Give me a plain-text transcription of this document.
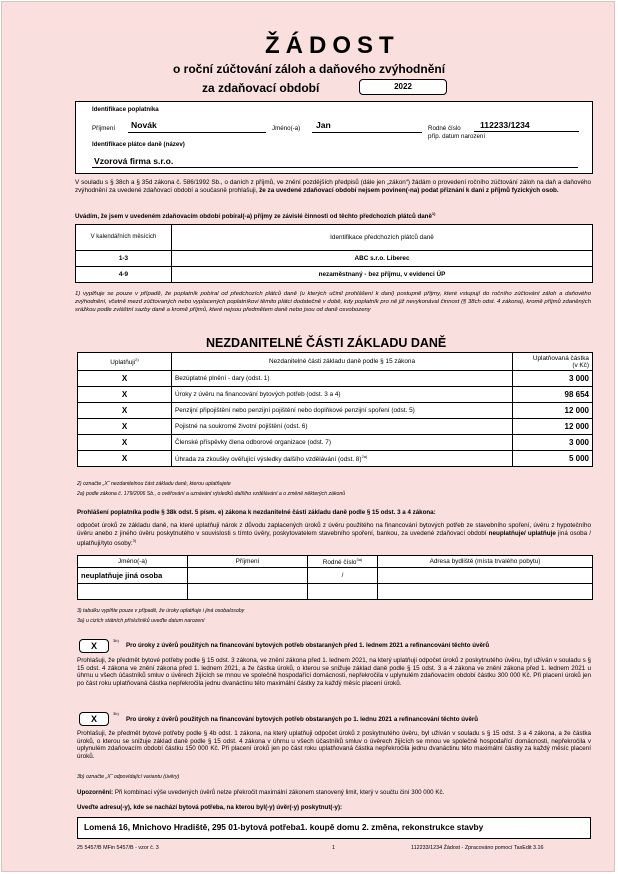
ŽÁDOST
o roční zúčtování záloh a daňového zvýhodnění
za zdaňovací období	2022
Identifikace poplatníka
Příjmení Novák	Jméno(-a) Jan	Rodné číslo 112233/1234
příp. datum narození
Identifikace plátce daně (název)
Vzorová firma s.r.o.
V souladu s § 38ch a § 35d zákona č. 586/1992 Sb., o daních z příjmů, ve znění pozdějších předpisů (dále jen „zákon“) žádám o provedení ročního zúčtování záloh na daň a daňového zvýhodnění za uvedené zdaňovací období a současně prohlašuji, že za uvedené zdaňovací období nejsem povinen(-na) podat přiznání k dani z příjmů fyzických osob.
Uvádím, že jsem v uvedeném zdaňovacím období pobíral(-a) příjmy ze závislé činnosti od těchto předchozích plátců daně$^{1)}$
V kalendářních měsících	Identifikace předchozích plátců daně
1-3	ABC s.r.o. Liberec
4-9	nezaměstnaný - bez příjmu, v evidenci ÚP
1) vyplňuje se pouze v případě, že poplatník pobíral od předchozích plátců daně (u kterých učinil prohlášení k dani) postupně příjmy, které vstupují do ročního zúčtování záloh a daňového zvýhodnění, včetně mezd zúčtovaných nebo vyplacených poplatníkovi těmito plátci dodatečně v době, kdy poplatník pro ně již nevykonával činnost (§ 38ch odst. 4 zákona), kromě příjmů zdaněných srážkou podle zvláštní sazby daně a kromě příjmů, které nejsou předmětem daně nebo jsou od daně osvobozeny
NEZDANITELNÉ ČÁSTI ZÁKLADU DANĚ
Uplatňuji$^{2)}$	Nezdanitelné části základu daně podle § 15 zákona	Uplatňovaná částka
(v Kč)
X	Bezúplatné plnění - dary (odst. 1)	3 000
X	Úroky z úvěru na financování bytových potřeb (odst. 3 a 4)	98 654
X	Penzijní připojištění nebo penzijní pojištění nebo doplňkové penzijní spoření (odst. 5)	12 000
X	Pojistné na soukromé životní pojištění (odst. 6)	12 000
X	Členské příspěvky člena odborové organizace (odst. 7)	3 000
X	Úhrada za zkoušky ověřující výsledky dalšího vzdělávání (odst. 8)$^{2a)}$	5 000
2) označte „X“ nezdanitelnou část základu daně, kterou uplatňujete
2a) podle zákona č. 179/2006 Sb., o ověřování a uznávání výsledků dalšího vzdělávání a o změně některých zákonů
Prohlášení poplatníka podle § 38k odst. 5 písm. e) zákona k nezdanitelné části základu daně podle § 15 odst. 3 a 4 zákona:
odpočet úroků ze základu daně, na které uplatňuji nárok z důvodu zaplacených úroků z úvěru použitého na financování bytových potřeb ze stavebního spoření, úvěru z hypotečního úvěru anebo z jiného úvěru poskytnutého v souvislosti s tímto úvěry, poskytovatelem stavebního spoření, bankou, za uvedené zdaňovací období neuplatňuje/ uplatňuje jiná osoba / uplatňuji/tyto osoby:$^{3)}$
Jméno(-a)	Příjmení	Rodné číslo$^{3a)}$	Adresa bydliště (místa trvalého pobytu)
neuplatňuje jiná osoba		/	

3) tabulku vyplňte pouze v případě, že úroky uplatňuje i jiná osoba/osoby
3a) u cizích státních příslušníků uveďte datum narození
X
3b)
Pro úroky z úvěrů použitých na financování bytových potřeb obstaraných před 1. lednem 2021 a refinancování těchto úvěrů
Prohlašuji, že předmět bytové potřeby podle § 15 odst. 3 zákona, ve znění zákona před 1. lednem 2021, na který uplatňuji odpočet úroků z poskytnutého úvěru, byl užíván v souladu s § 15 odst. 4 zákona ve znění zákona před 1. lednem 2021, a že částka úroků, o kterou se snižuje základ daně podle § 15 odst. 3 a 4 zákona ve znění zákona před 1. lednem 2021 u úhrnu u všech účastníků smluv o úvěrech žijících se mnou ve společně hospodařící domácnosti, nepřekročila v uplynulém zdaňovacím období částku 300 000 Kč. Při placení úroků jen po část roku uplatňovaná částka nepřekročila jednu dvanáctinu této maximální částky za každý měsíc placení úroků.
X
3b)
Pro úroky z úvěrů použitých na financování bytových potřeb obstaraných po 1. lednu 2021 a refinancování těchto úvěrů
Prohlašuji, že předmět bytové potřeby podle § 4b odst. 1 zákona, na který uplatňuji odpočet úroků z poskytnutého úvěru, byl užíván v souladu s § 15 odst. 3 a 4 zákona, a že částka úroků, o kterou se snižuje základ daně podle § 15 odst. 4 zákona v úhrnu u všech účastníků smluv o úvěrech žijících se mnou ve společně hospodařící domácnosti, nepřekročila v uplynulém zdaňovacím období částku 150 000 Kč. Při placení úroků jen po část roku uplatňovaná částka nepřekročila jednu dvanáctinu této maximální částky za každý měsíc placení úroků.
3b) označte „X“ odpovídající variantu (úvěry)
Upozornění: Při kombinaci výše uvedených úvěrů nelze překročit maximální zákonem stanovený limit, který v součtu činí 300 000 Kč.
Uveďte adresu(-y), kde se nachází bytová potřeba, na kterou byl(-y) úvěr(-y) poskytnut(-y):
Lomená 16, Mnichovo Hradiště, 295 01-bytová potřeba1. koupě domu 2. změna, rekonstrukce stavby
25 5457/B MFin 5457/B - vzor č. 3	1	112233/1234 Žádost - Zpracováno pomocí TaxEdit 3.16
